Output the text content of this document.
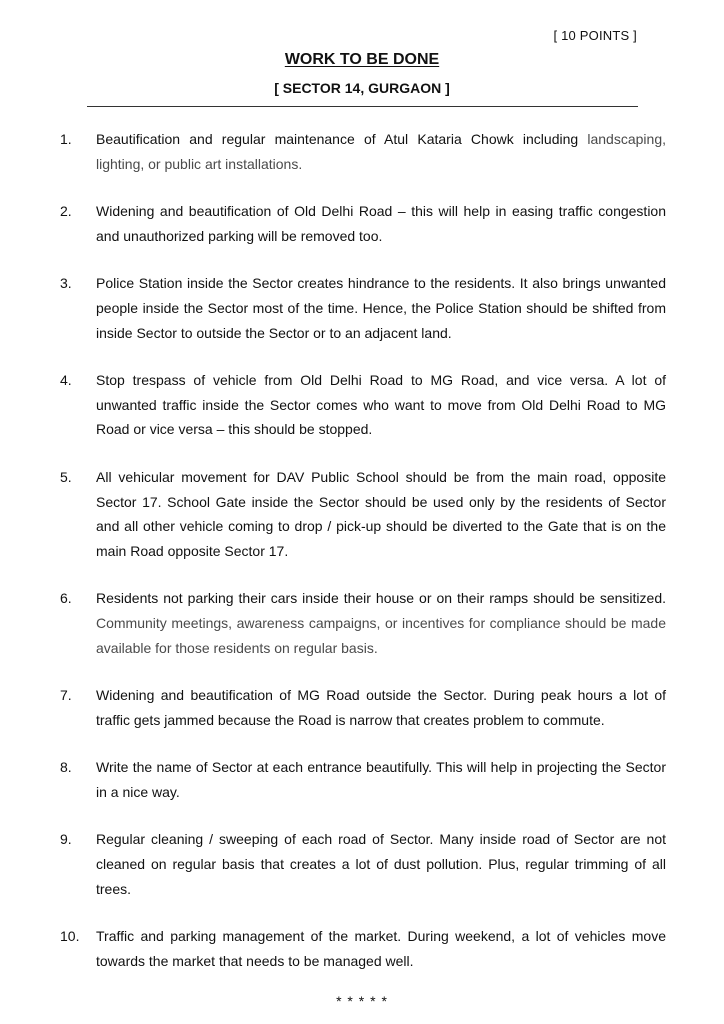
[ 10 POINTS ]
WORK TO BE DONE
[ SECTOR 14, GURGAON ]
1.	Beautification and regular maintenance of Atul Kataria Chowk including landscaping, lighting, or public art installations.
2.	Widening and beautification of Old Delhi Road – this will help in easing traffic congestion and unauthorized parking will be removed too.
3.	Police Station inside the Sector creates hindrance to the residents. It also brings unwanted people inside the Sector most of the time. Hence, the Police Station should be shifted from inside Sector to outside the Sector or to an adjacent land.
4.	Stop trespass of vehicle from Old Delhi Road to MG Road, and vice versa. A lot of unwanted traffic inside the Sector comes who want to move from Old Delhi Road to MG Road or vice versa – this should be stopped.
5.	All vehicular movement for DAV Public School should be from the main road, opposite Sector 17. School Gate inside the Sector should be used only by the residents of Sector and all other vehicle coming to drop / pick-up should be diverted to the Gate that is on the main Road opposite Sector 17.
6.	Residents not parking their cars inside their house or on their ramps should be sensitized. Community meetings, awareness campaigns, or incentives for compliance should be made available for those residents on regular basis.
7.	Widening and beautification of MG Road outside the Sector. During peak hours a lot of traffic gets jammed because the Road is narrow that creates problem to commute.
8.	Write the name of Sector at each entrance beautifully. This will help in projecting the Sector in a nice way.
9.	Regular cleaning / sweeping of each road of Sector. Many inside road of Sector are not cleaned on regular basis that creates a lot of dust pollution. Plus, regular trimming of all trees.
10.	Traffic and parking management of the market. During weekend, a lot of vehicles move towards the market that needs to be managed well.
* * * * *
